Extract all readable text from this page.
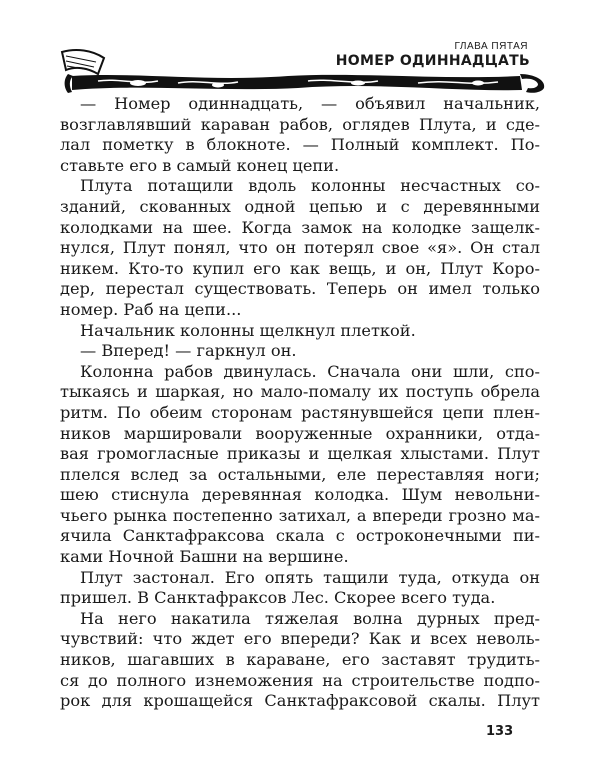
ГЛАВА ПЯТАЯ
НОМЕР ОДИННАДЦАТЬ
— Номер одиннадцать, — объявил начальник,
возглавлявший караван рабов, оглядев Плута, и сде-
лал пометку в блокноте. — Полный комплект. По-
ставьте его в самый конец цепи.
Плута потащили вдоль колонны несчастных со-
зданий, скованных одной цепью и с деревянными
колодками на шее. Когда замок на колодке защелк-
нулся, Плут понял, что он потерял свое «я». Он стал
никем. Кто-то купил его как вещь, и он, Плут Коро-
дер, перестал существовать. Теперь он имел только
номер. Раб на цепи...
Начальник колонны щелкнул плеткой.
— Вперед! — гаркнул он.
Колонна рабов двинулась. Сначала они шли, спо-
тыкаясь и шаркая, но мало-помалу их поступь обрела
ритм. По обеим сторонам растянувшейся цепи плен-
ников маршировали вооруженные охранники, отда-
вая громогласные приказы и щелкая хлыстами. Плут
плелся вслед за остальными, еле переставляя ноги;
шею стиснула деревянная колодка. Шум невольни-
чьего рынка постепенно затихал, а впереди грозно ма-
ячила Санктафраксова скала с остроконечными пи-
ками Ночной Башни на вершине.
Плут застонал. Его опять тащили туда, откуда он
пришел. В Санктафраксов Лес. Скорее всего туда.
На него накатила тяжелая волна дурных пред-
чувствий: что ждет его впереди? Как и всех неволь-
ников, шагавших в караване, его заставят трудить-
ся до полного изнеможения на строительстве подпо-
рок для крошащейся Санктафраксовой скалы. Плут
133
